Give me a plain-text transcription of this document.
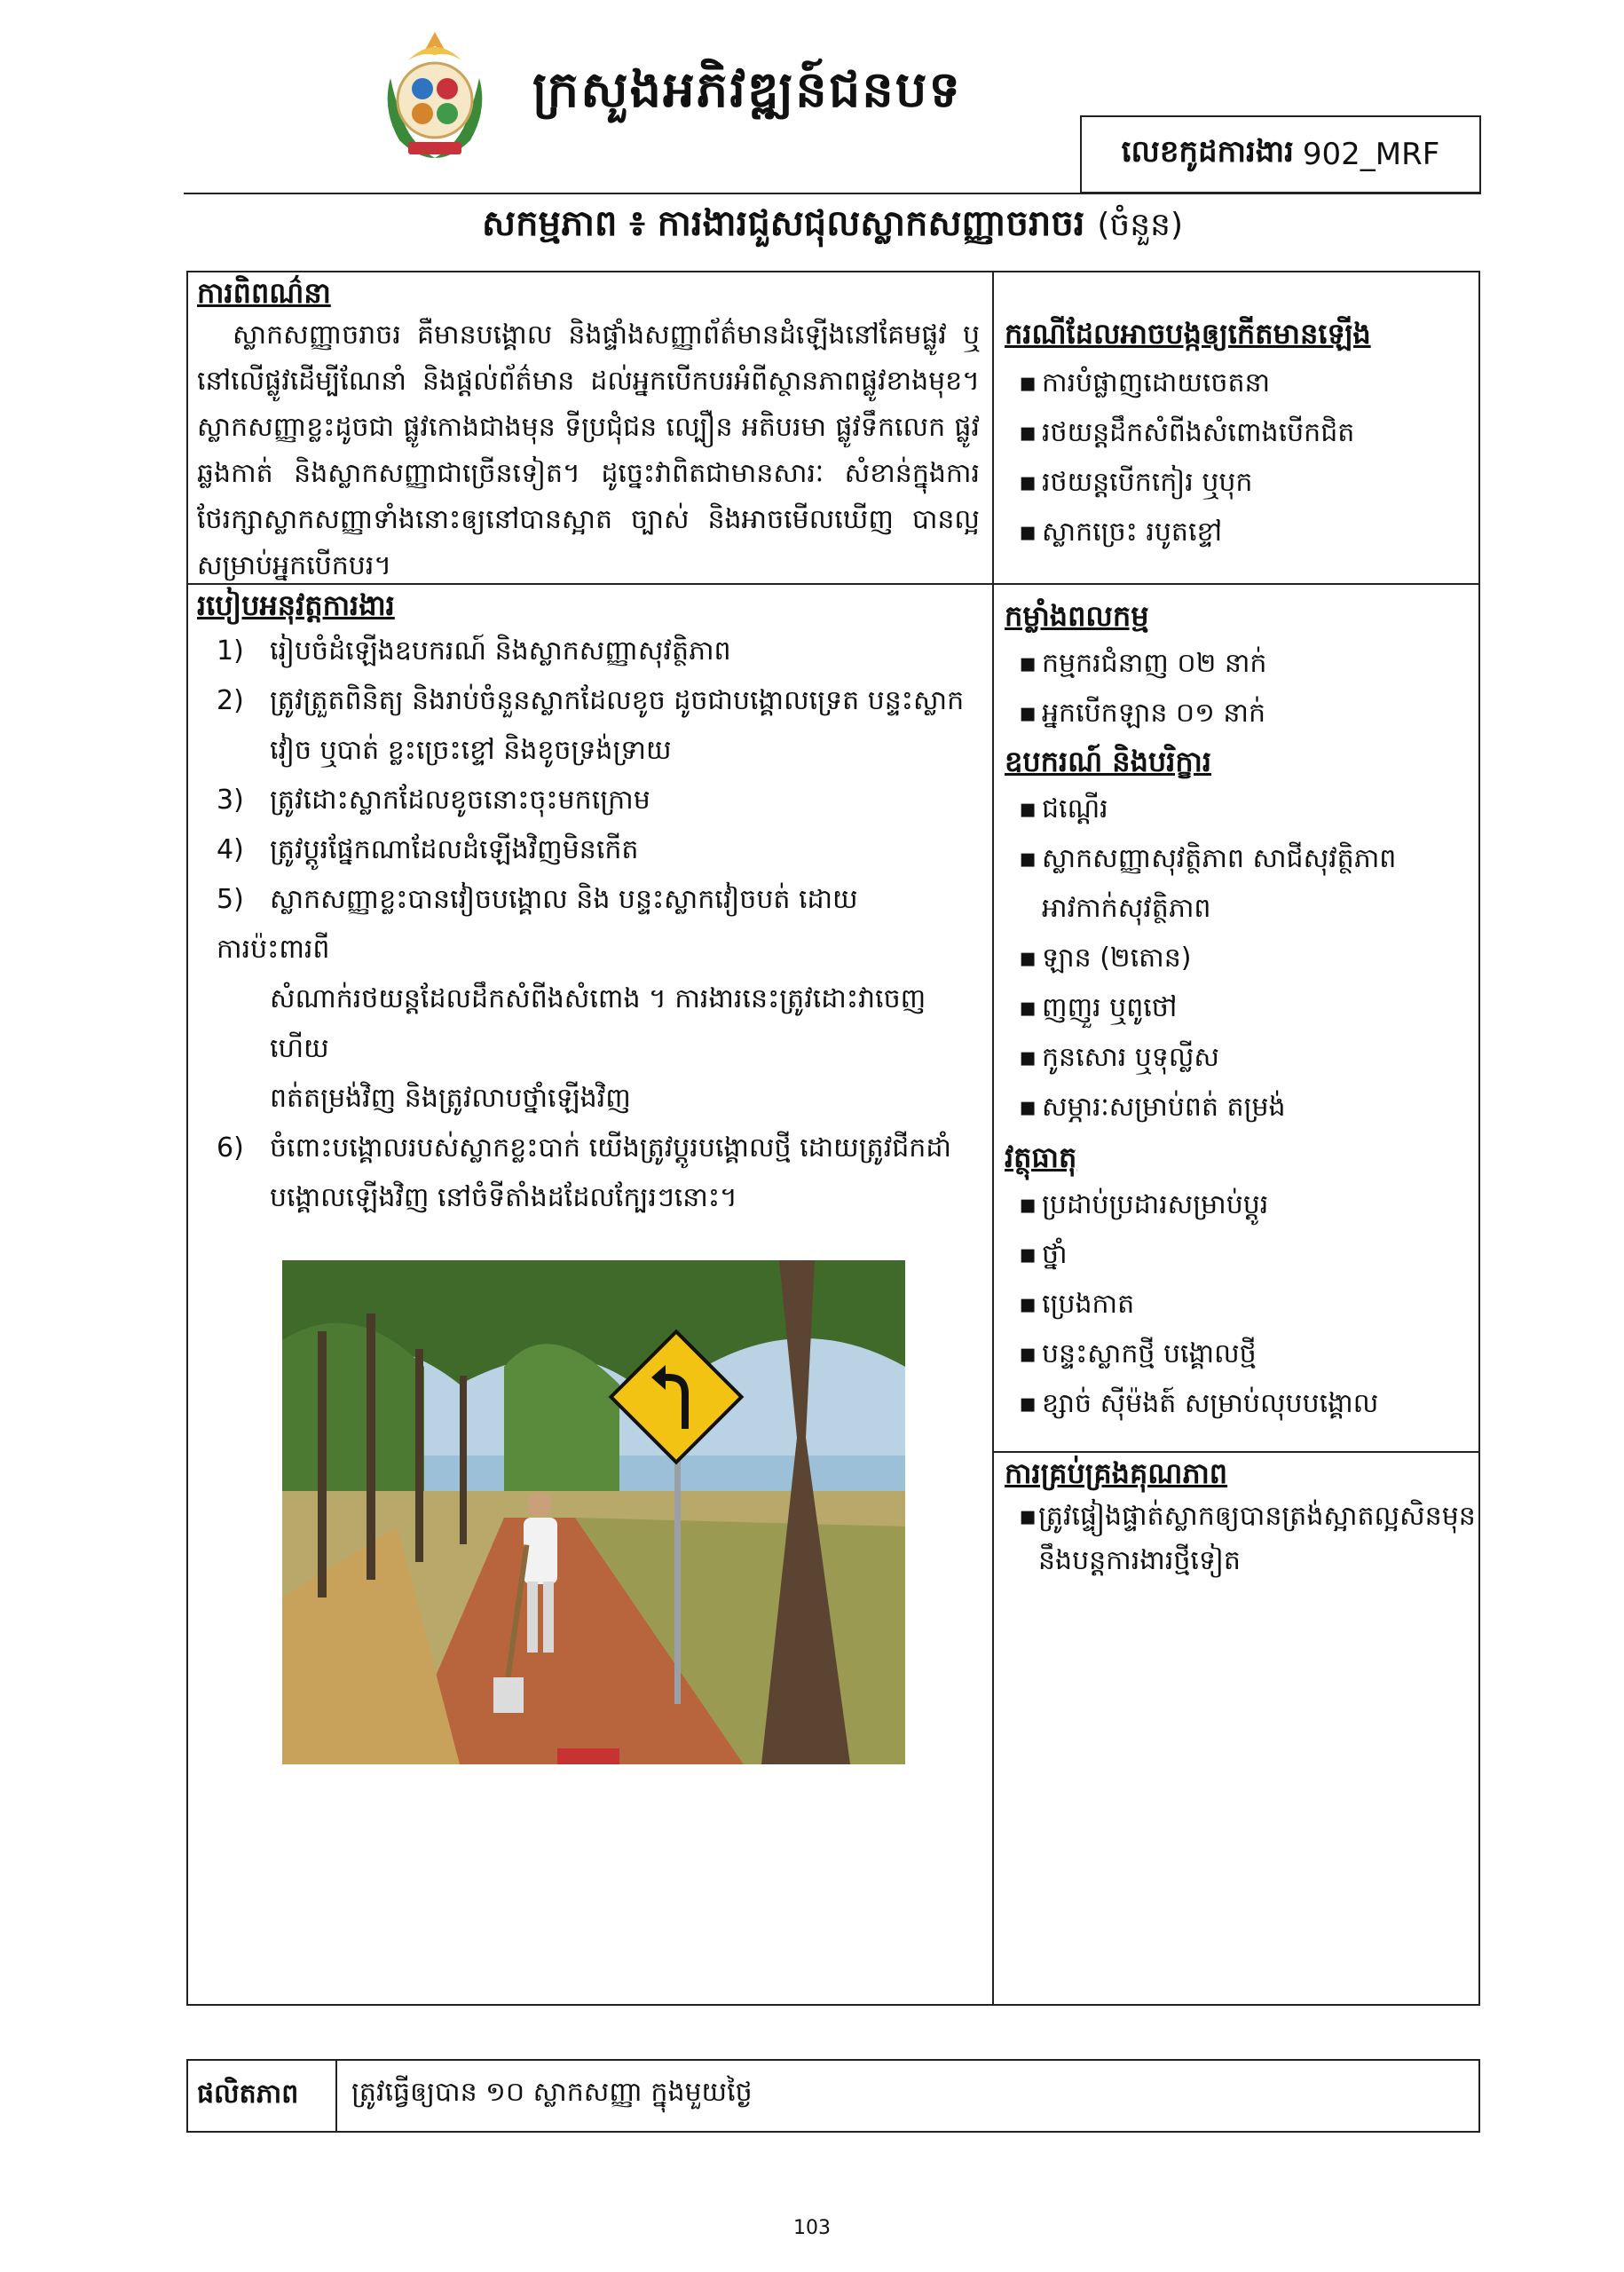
ក្រសួងអភិវឌ្ឍន៍ជនបទ
លេខកូដការងារ 902_MRF
សកម្មភាព ៖ ការងារជួសជុលស្លាកសញ្ញាចរាចរ (ចំនួន)
ការពិពណ៌នា
ស្លាកសញ្ញាចរាចរ គឺមានបង្គោល និងផ្ទាំងសញ្ញាព័ត៌មានដំឡើងនៅគែមផ្លូវ ឬនៅលើផ្លូវដើម្បីណែនាំ និងផ្ដល់ព័ត៌មាន ដល់អ្នកបើកបរអំពីស្ថានភាពផ្លូវខាងមុខ។ ស្លាកសញ្ញាខ្លះដូចជា ផ្លូវកោងជាងមុន ទីប្រជុំជន ល្បឿន អតិបរមា ផ្លូវទឹកលេក ផ្លូវឆ្លងកាត់ និងស្លាកសញ្ញាជាច្រើនទៀត។ ដូច្នេះវាពិតជាមានសារៈ សំខាន់ក្នុងការថែរក្សាស្លាកសញ្ញាទាំងនោះឲ្យនៅបានស្អាត ច្បាស់ និងអាចមើលឃើញ បានល្អសម្រាប់អ្នកបើកបរ។
ករណីដែលអាចបង្កឲ្យកើតមានឡើង
▪ ការបំផ្លាញដោយចេតនា
▪ រថយន្តដឹកសំពីងសំពោងបើកជិត
▪ រថយន្តបើកកៀរ ឬបុក
▪ ស្លាកច្រេះ របូតខ្ទៅ
របៀបអនុវត្តការងារ
1) រៀបចំដំឡើងឧបករណ៍ និងស្លាកសញ្ញាសុវត្ថិភាព
2) ត្រូវត្រួតពិនិត្យ និងរាប់ចំនួនស្លាកដែលខូច ដូចជាបង្គោលទ្រេត បន្ទះស្លាក
វៀច ឬបាត់ ខ្លះច្រេះខ្ទៅ និងខូចទ្រង់ទ្រាយ
3) ត្រូវដោះស្លាកដែលខូចនោះចុះមកក្រោម
4) ត្រូវប្ដូរផ្នែកណាដែលដំឡើងវិញមិនកើត
5) ស្លាកសញ្ញាខ្លះបានវៀចបង្គោល និង បន្ទះស្លាកវៀចបត់ ដោយការប៉ះពារពី
សំណាក់រថយន្តដែលដឹកសំពីងសំពោង ។ ការងារនេះត្រូវដោះវាចេញ ហើយ
ពត់តម្រង់វិញ និងត្រូវលាបថ្នាំឡើងវិញ
6) ចំពោះបង្គោលរបស់ស្លាកខ្លះបាក់ យើងត្រូវប្ដូរបង្គោលថ្មី ដោយត្រូវជីកដាំ
បង្គោលឡើងវិញ នៅចំទីតាំងដដែលក្បែរៗនោះ។
កម្លាំងពលកម្ម
▪ កម្មករជំនាញ ០២ នាក់
▪ អ្នកបើកឡាន ០១ នាក់
ឧបករណ៍ និងបរិក្ខារ
▪ ជណ្ដើរ
▪ ស្លាកសញ្ញាសុវត្ថិភាព សាជីសុវត្ថិភាព
អាវកាក់សុវត្ថិភាព
▪ ឡាន (២តោន)
▪ ញញួរ ឬពូថៅ
▪ កូនសោរ ឬទុល្លីស
▪ សម្ភារៈសម្រាប់ពត់ តម្រង់
វត្ថុធាតុ
▪ ប្រដាប់ប្រដារសម្រាប់ប្ដូរ
▪ ថ្នាំ
▪ ប្រេងកាត
▪ បន្ទះស្លាកថ្មី បង្គោលថ្មី
▪ ខ្សាច់ ស៊ីម៉ងត៍ សម្រាប់លុបបង្គោល
ការគ្រប់គ្រងគុណភាព
▪ត្រូវផ្ទៀងផ្ទាត់ស្លាកឲ្យបានត្រង់ស្អាតល្អសិនមុន
នឹងបន្តការងារថ្មីទៀត
ផលិតភាព ត្រូវធ្វើឲ្យបាន ១០ ស្លាកសញ្ញា ក្នុងមួយថ្ងៃ
103
